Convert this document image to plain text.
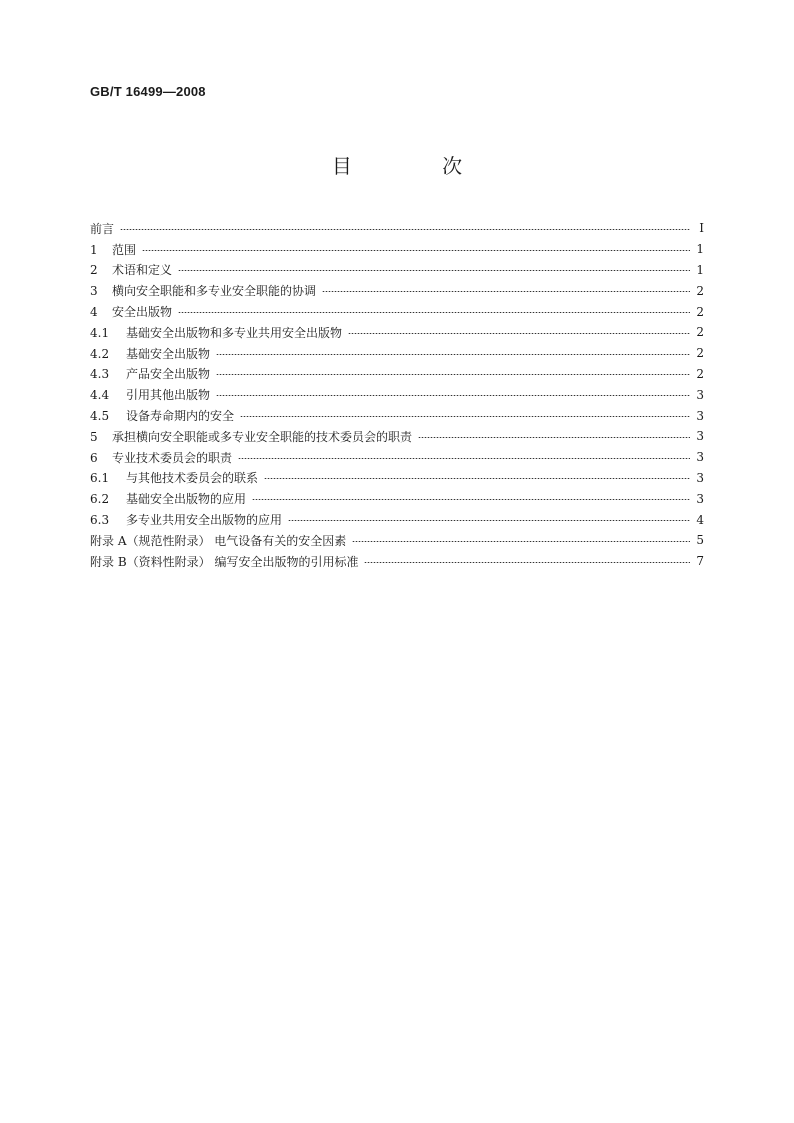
GB/T 16499—2008
目 次
前言	Ⅰ
1 范围	1
2 术语和定义	1
3 横向安全职能和多专业安全职能的协调	2
4 安全出版物	2
4.1 基础安全出版物和多专业共用安全出版物	2
4.2 基础安全出版物	2
4.3 产品安全出版物	2
4.4 引用其他出版物	3
4.5 设备寿命期内的安全	3
5 承担横向安全职能或多专业安全职能的技术委员会的职责	3
6 专业技术委员会的职责	3
6.1 与其他技术委员会的联系	3
6.2 基础安全出版物的应用	3
6.3 多专业共用安全出版物的应用	4
附录 A（规范性附录） 电气设备有关的安全因素	5
附录 B（资料性附录） 编写安全出版物的引用标准	7
